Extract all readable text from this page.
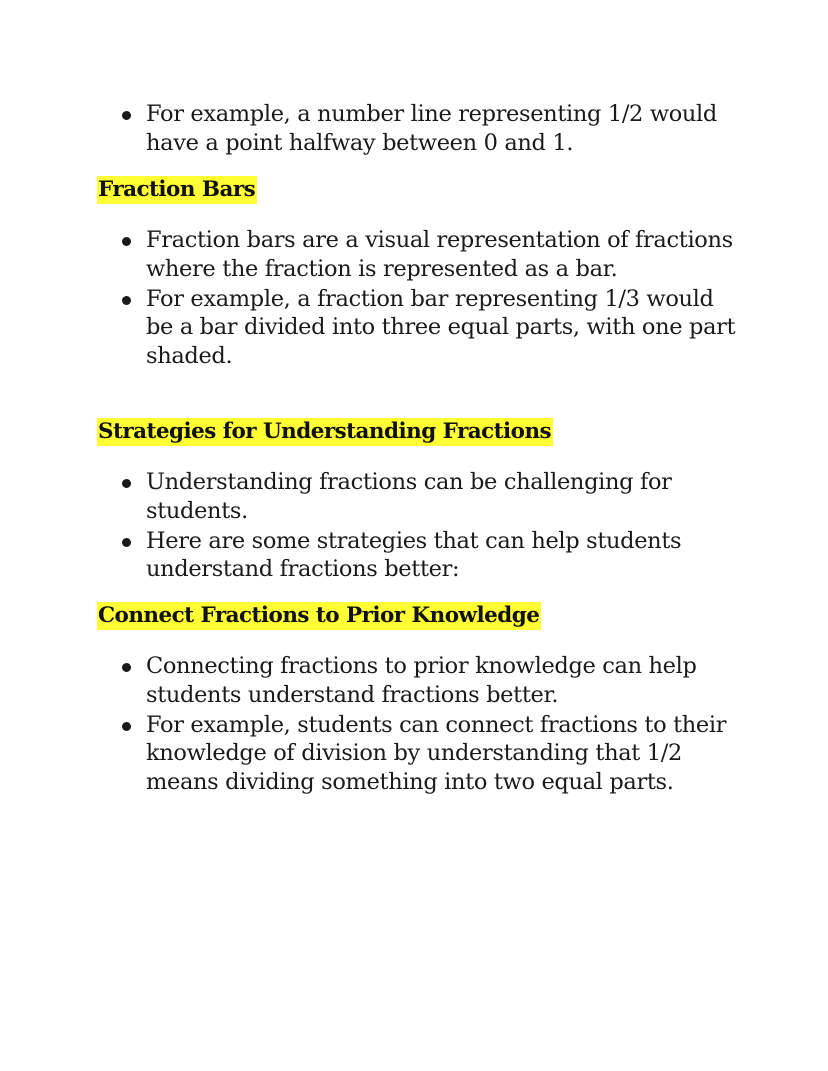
For example, a number line representing 1/2 would have a point halfway between 0 and 1.
Fraction Bars
Fraction bars are a visual representation of fractions where the fraction is represented as a bar.
For example, a fraction bar representing 1/3 would be a bar divided into three equal parts, with one part shaded.
Strategies for Understanding Fractions
Understanding fractions can be challenging for students.
Here are some strategies that can help students understand fractions better:
Connect Fractions to Prior Knowledge
Connecting fractions to prior knowledge can help students understand fractions better.
For example, students can connect fractions to their knowledge of division by understanding that 1/2 means dividing something into two equal parts.
